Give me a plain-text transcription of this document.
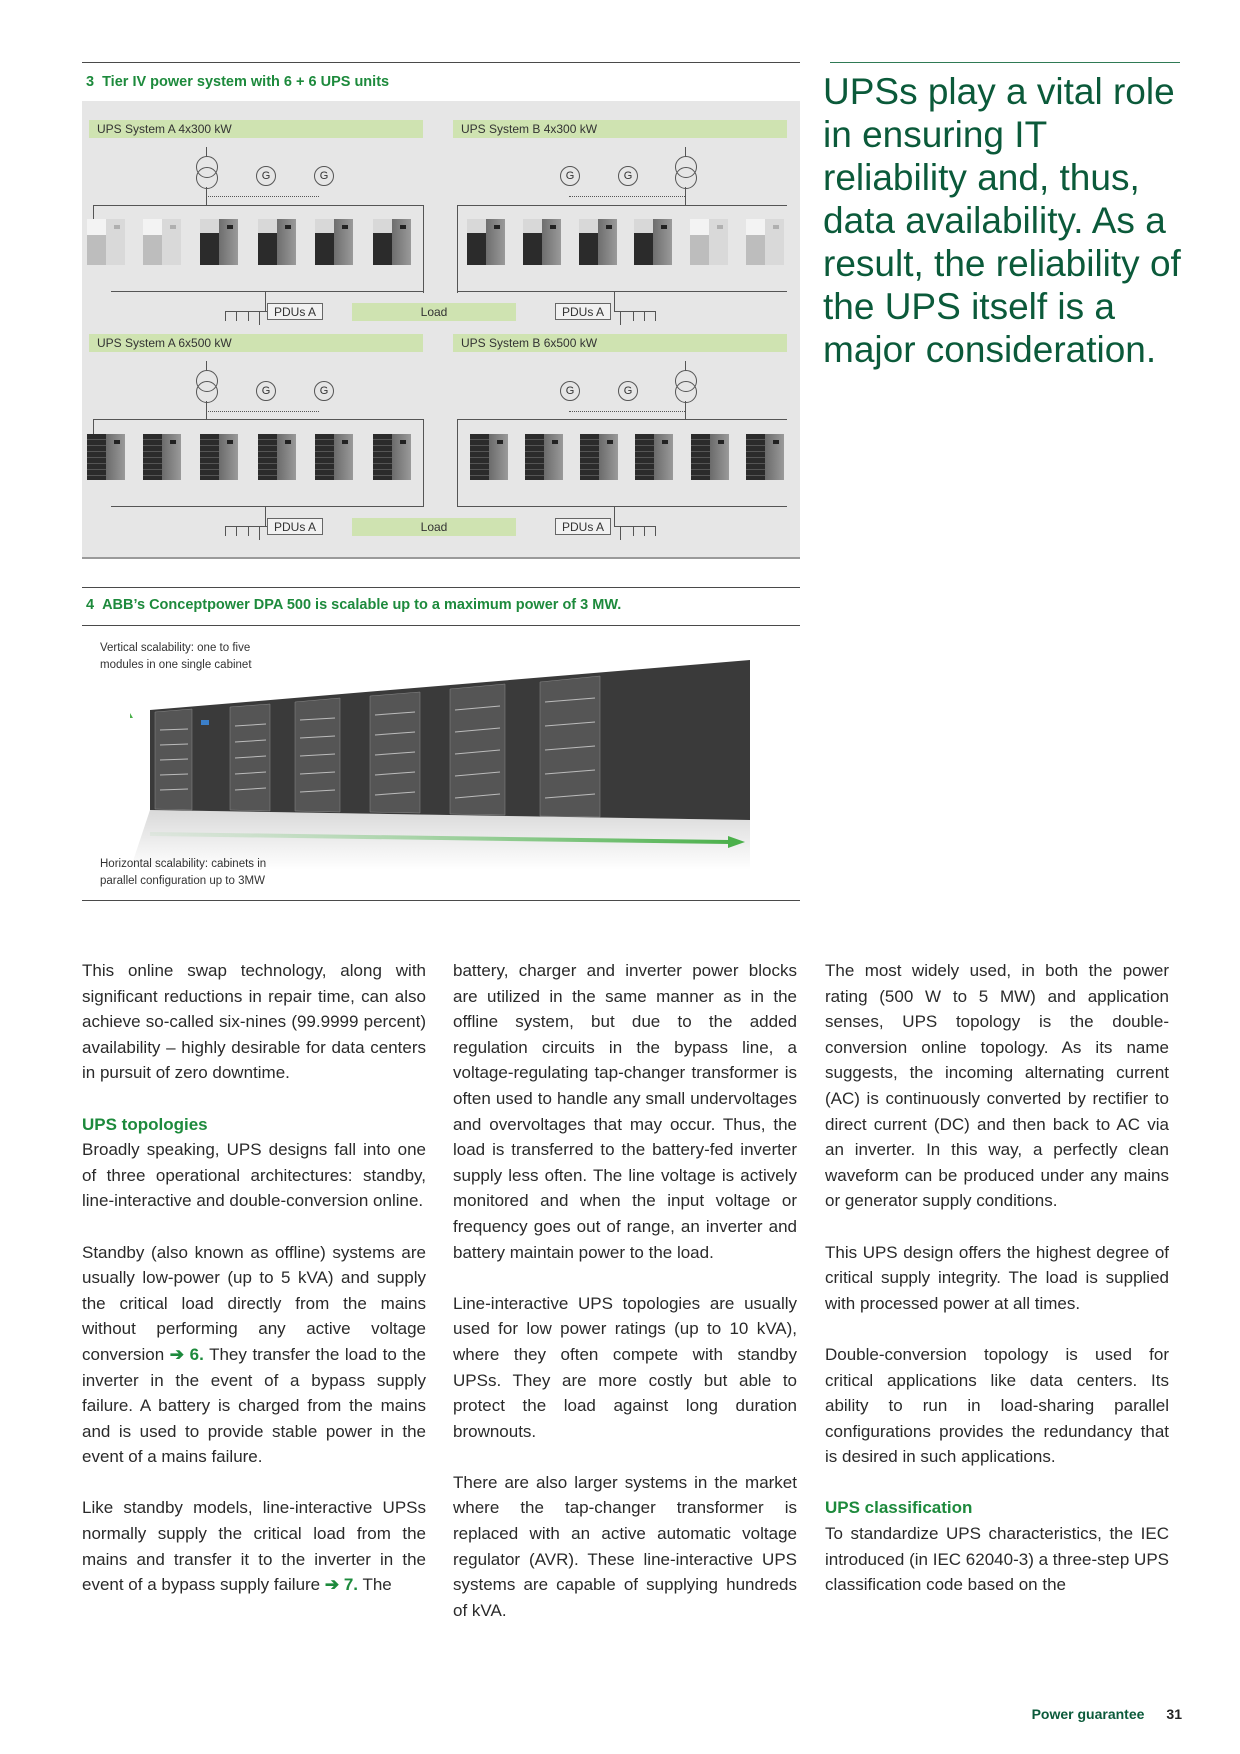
3 Tier IV power system with 6 + 6 UPS units
UPS System A 4x300 kW	UPS System B 4x300 kW
G	G	G	G
PDUs A	Load	PDUs A
UPS System A 6x500 kW	UPS System B 6x500 kW
G	G	G	G
PDUs A	Load	PDUs A
4 ABB’s Conceptpower DPA 500 is scalable up to a maximum power of 3 MW.
Vertical scalability: one to five
modules in one single cabinet
Horizontal scalability: cabinets in
parallel configuration up to 3MW
UPSs play a vital role in ensuring IT reliability and, thus, data availability. As a result, the reliability of the UPS itself is a major consideration.

This online swap technology, along with significant reductions in repair time, can also achieve so-called six-nines (99.9999 percent) availability – highly desirable for data centers in pursuit of zero downtime.

UPS topologies

Broadly speaking, UPS designs fall into one of three operational architectures: standby, line-interactive and double-conversion online.

Standby (also known as offline) systems are usually low-power (up to 5 kVA) and supply the critical load directly from the mains without performing any active voltage conversion ➔ 6. They transfer the load to the inverter in the event of a bypass supply failure. A battery is charged from the mains and is used to provide stable power in the event of a mains failure.

Like standby models, line-interactive UPSs normally supply the critical load from the mains and transfer it to the inverter in the event of a bypass supply failure ➔ 7. The

battery, charger and inverter power blocks are utilized in the same manner as in the offline system, but due to the added regulation circuits in the bypass line, a voltage-regulating tap-changer transformer is often used to handle any small undervoltages and overvoltages that may occur. Thus, the load is transferred to the battery-fed inverter supply less often. The line voltage is actively monitored and when the input voltage or frequency goes out of range, an inverter and battery maintain power to the load.

Line-interactive UPS topologies are usually used for low power ratings (up to 10 kVA), where they often compete with standby UPSs. They are more costly but able to protect the load against long duration brownouts.

There are also larger systems in the market where the tap-changer transformer is replaced with an active automatic voltage regulator (AVR). These line-interactive UPS systems are capable of supplying hundreds of kVA.

The most widely used, in both the power rating (500 W to 5 MW) and application senses, UPS topology is the double-conversion online topology. As its name suggests, the incoming alternating current (AC) is continuously converted by rectifier to direct current (DC) and then back to AC via an inverter. In this way, a perfectly clean waveform can be produced under any mains or generator supply conditions.

This UPS design offers the highest degree of critical supply integrity. The load is supplied with processed power at all times.

Double-conversion topology is used for critical applications like data centers. Its ability to run in load-sharing parallel configurations provides the redundancy that is desired in such applications.

UPS classification

To standardize UPS characteristics, the IEC introduced (in IEC 62040-3) a three-step UPS classification code based on the

Power guarantee 31
